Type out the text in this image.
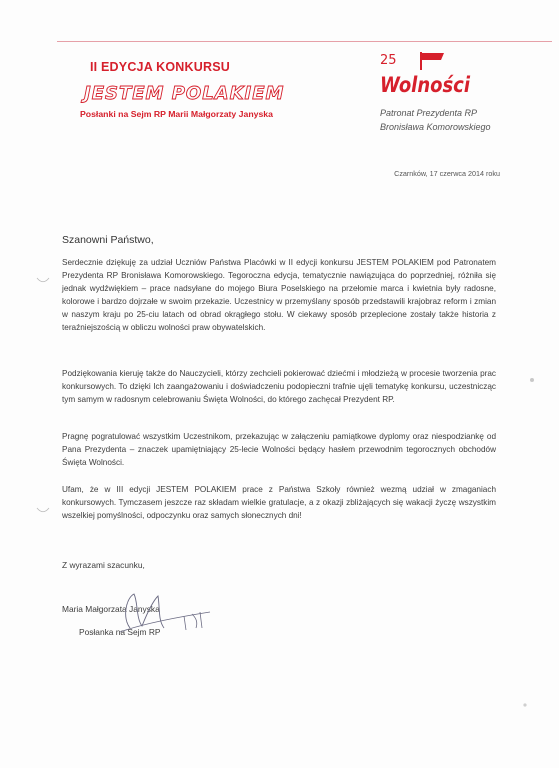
II EDYCJA KONKURSU
JESTEM POLAKIEM
Posłanki na Sejm RP Marii Małgorzaty Janyska
25
Wolności
Patronat Prezydenta RP
Bronisława Komorowskiego
Czarnków, 17 czerwca 2014 roku
Szanowni Państwo,

Serdecznie dziękuję za udział Uczniów Państwa Placówki w II edycji konkursu JESTEM POLAKIEM pod Patronatem Prezydenta RP Bronisława Komorowskiego. Tegoroczna edycja, tematycznie nawiązująca do poprzedniej, różniła się jednak wydźwiękiem – prace nadsyłane do mojego Biura Poselskiego na przełomie marca i kwietnia były radosne, kolorowe i bardzo dojrzałe w swoim przekazie. Uczestnicy w przemyślany sposób przedstawili krajobraz reform i zmian w naszym kraju po 25-ciu latach od obrad okrągłego stołu. W ciekawy sposób przeplecione zostały także historia z teraźniejszością w obliczu wolności praw obywatelskich.

Podziękowania kieruję także do Nauczycieli, którzy zechcieli pokierować dziećmi i młodzieżą w procesie tworzenia prac konkursowych. To dzięki Ich zaangażowaniu i doświadczeniu podopieczni trafnie ujęli tematykę konkursu, uczestnicząc tym samym w radosnym celebrowaniu Święta Wolności, do którego zachęcał Prezydent RP.

Pragnę pogratulować wszystkim Uczestnikom, przekazując w załączeniu pamiątkowe dyplomy oraz niespodziankę od Pana Prezydenta – znaczek upamiętniający 25-lecie Wolności będący hasłem przewodnim tegorocznych obchodów Święta Wolności.

Ufam, że w III edycji JESTEM POLAKIEM prace z Państwa Szkoły również wezmą udział w zmaganiach konkursowych. Tymczasem jeszcze raz składam wielkie gratulacje, a z okazji zbliżających się wakacji życzę wszystkim wszelkiej pomyślności, odpoczynku oraz samych słonecznych dni!

Z wyrazami szacunku,
Maria Małgorzata Janyska
Posłanka na Sejm RP
